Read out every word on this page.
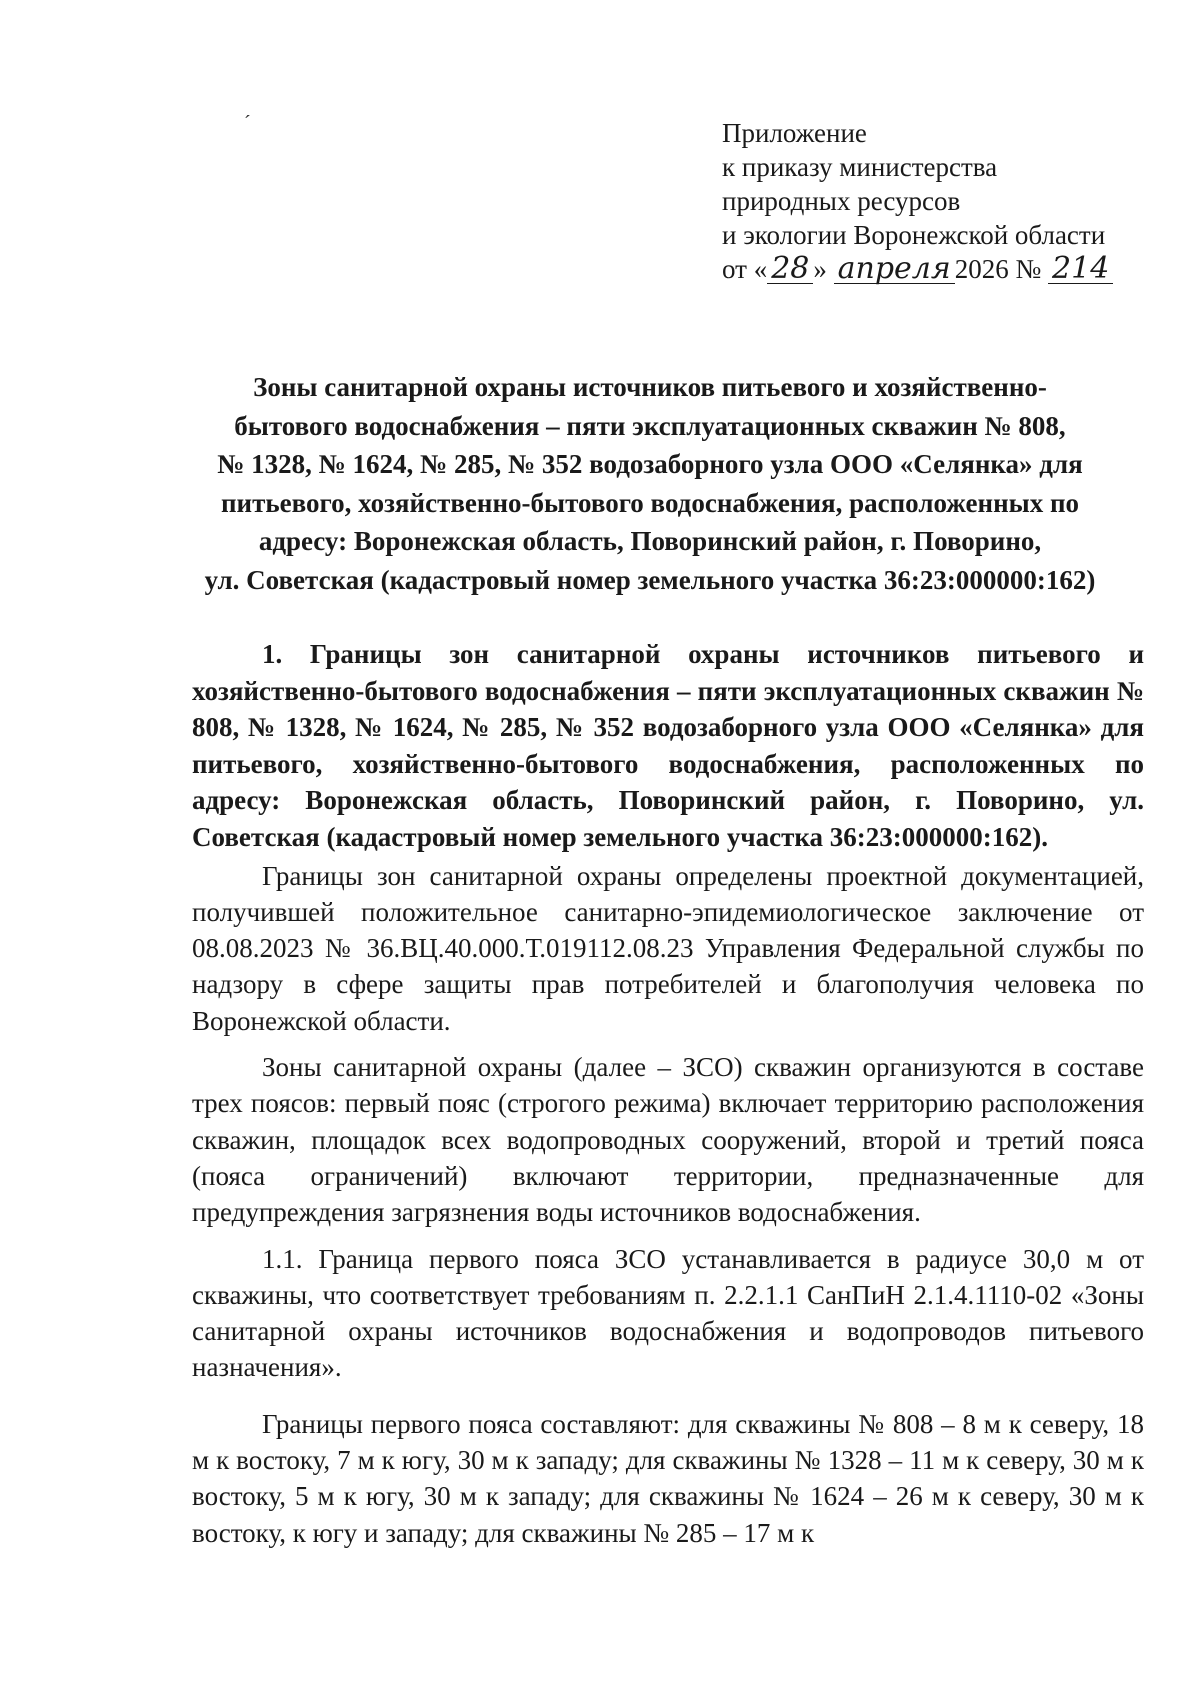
´	Приложение
к приказу министерства
природных ресурсов
и экологии Воронежской области
от « 28 » апреля 2026 № 214
Зоны санитарной охраны источников питьевого и хозяйственно-
бытового водоснабжения – пяти эксплуатационных скважин № 808,
№ 1328, № 1624, № 285, № 352 водозаборного узла ООО «Селянка» для
питьевого, хозяйственно-бытового водоснабжения, расположенных по
адресу: Воронежская область, Поворинский район, г. Поворино,
ул. Советская (кадастровый номер земельного участка 36:23:000000:162)

1. Границы зон санитарной охраны источников питьевого и хозяйственно-бытового водоснабжения – пяти эксплуатационных скважин № 808, № 1328, № 1624, № 285, № 352 водозаборного узла ООО «Селянка» для питьевого, хозяйственно-бытового водоснабжения, расположенных по адресу: Воронежская область, Поворинский район, г. Поворино, ул. Советская (кадастровый номер земельного участка 36:23:000000:162).

Границы зон санитарной охраны определены проектной документацией, получившей положительное санитарно-эпидемиологическое заключение от 08.08.2023 № 36.ВЦ.40.000.Т.019112.08.23 Управления Федеральной службы по надзору в сфере защиты прав потребителей и благополучия человека по Воронежской области.

Зоны санитарной охраны (далее – ЗСО) скважин организуются в составе трех поясов: первый пояс (строгого режима) включает территорию расположения скважин, площадок всех водопроводных сооружений, второй и третий пояса (пояса ограничений) включают территории, предназначенные для предупреждения загрязнения воды источников водоснабжения.

1.1. Граница первого пояса ЗСО устанавливается в радиусе 30,0 м от скважины, что соответствует требованиям п. 2.2.1.1 СанПиН 2.1.4.1110-02 «Зоны санитарной охраны источников водоснабжения и водопроводов питьевого назначения».

Границы первого пояса составляют: для скважины № 808 – 8 м к северу, 18 м к востоку, 7 м к югу, 30 м к западу; для скважины № 1328 – 11 м к северу, 30 м к востоку, 5 м к югу, 30 м к западу; для скважины № 1624 – 26 м к северу, 30 м к востоку, к югу и западу; для скважины № 285 – 17 м к
